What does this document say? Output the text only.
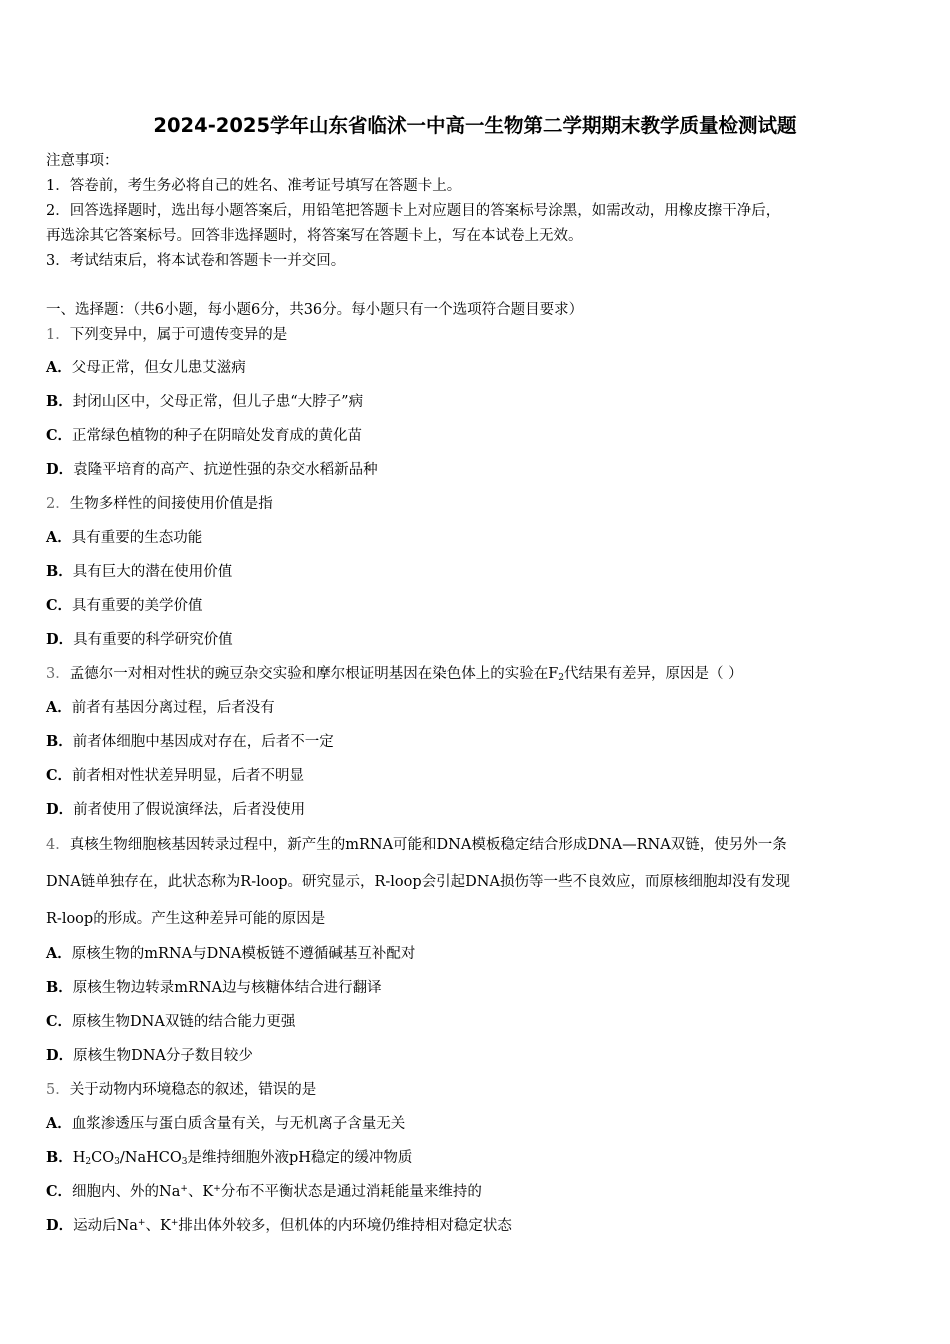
2024-2025学年山东省临沭一中高一生物第二学期期末教学质量检测试题
注意事项：
1．答卷前，考生务必将自己的姓名、准考证号填写在答题卡上。
2．回答选择题时，选出每小题答案后，用铅笔把答题卡上对应题目的答案标号涂黑，如需改动，用橡皮擦干净后，
再选涂其它答案标号。回答非选择题时，将答案写在答题卡上，写在本试卷上无效。
3．考试结束后，将本试卷和答题卡一并交回。
一、选择题：（共6小题，每小题6分，共36分。每小题只有一个选项符合题目要求）
1．下列变异中，属于可遗传变异的是
A．父母正常，但女儿患艾滋病
B．封闭山区中，父母正常，但儿子患“大脖子”病
C．正常绿色植物的种子在阴暗处发育成的黄化苗
D．袁隆平培育的高产、抗逆性强的杂交水稻新品种
2．生物多样性的间接使用价值是指
A．具有重要的生态功能
B．具有巨大的潜在使用价值
C．具有重要的美学价值
D．具有重要的科学研究价值
3．孟德尔一对相对性状的豌豆杂交实验和摩尔根证明基因在染色体上的实验在$F_2$代结果有差异，原因是（ ）
A．前者有基因分离过程，后者没有
B．前者体细胞中基因成对存在，后者不一定
C．前者相对性状差异明显，后者不明显
D．前者使用了假说演绎法，后者没使用
4．真核生物细胞核基因转录过程中，新产生的mRNA可能和DNA模板稳定结合形成DNA—RNA双链，使另外一条
DNA链单独存在，此状态称为R-loop。研究显示，R-loop会引起DNA损伤等一些不良效应，而原核细胞却没有发现
R-loop的形成。产生这种差异可能的原因是
A．原核生物的mRNA与DNA模板链不遵循碱基互补配对
B．原核生物边转录mRNA边与核糖体结合进行翻译
C．原核生物DNA双链的结合能力更强
D．原核生物DNA分子数目较少
5．关于动物内环境稳态的叙述，错误的是
A．血浆渗透压与蛋白质含量有关，与无机离子含量无关
B．$H_2CO_3/NaHCO_3$是维持细胞外液pH稳定的缓冲物质
C．细胞内、外的Na+、K+分布不平衡状态是通过消耗能量来维持的
D．运动后Na+、K+排出体外较多，但机体的内环境仍维持相对稳定状态
